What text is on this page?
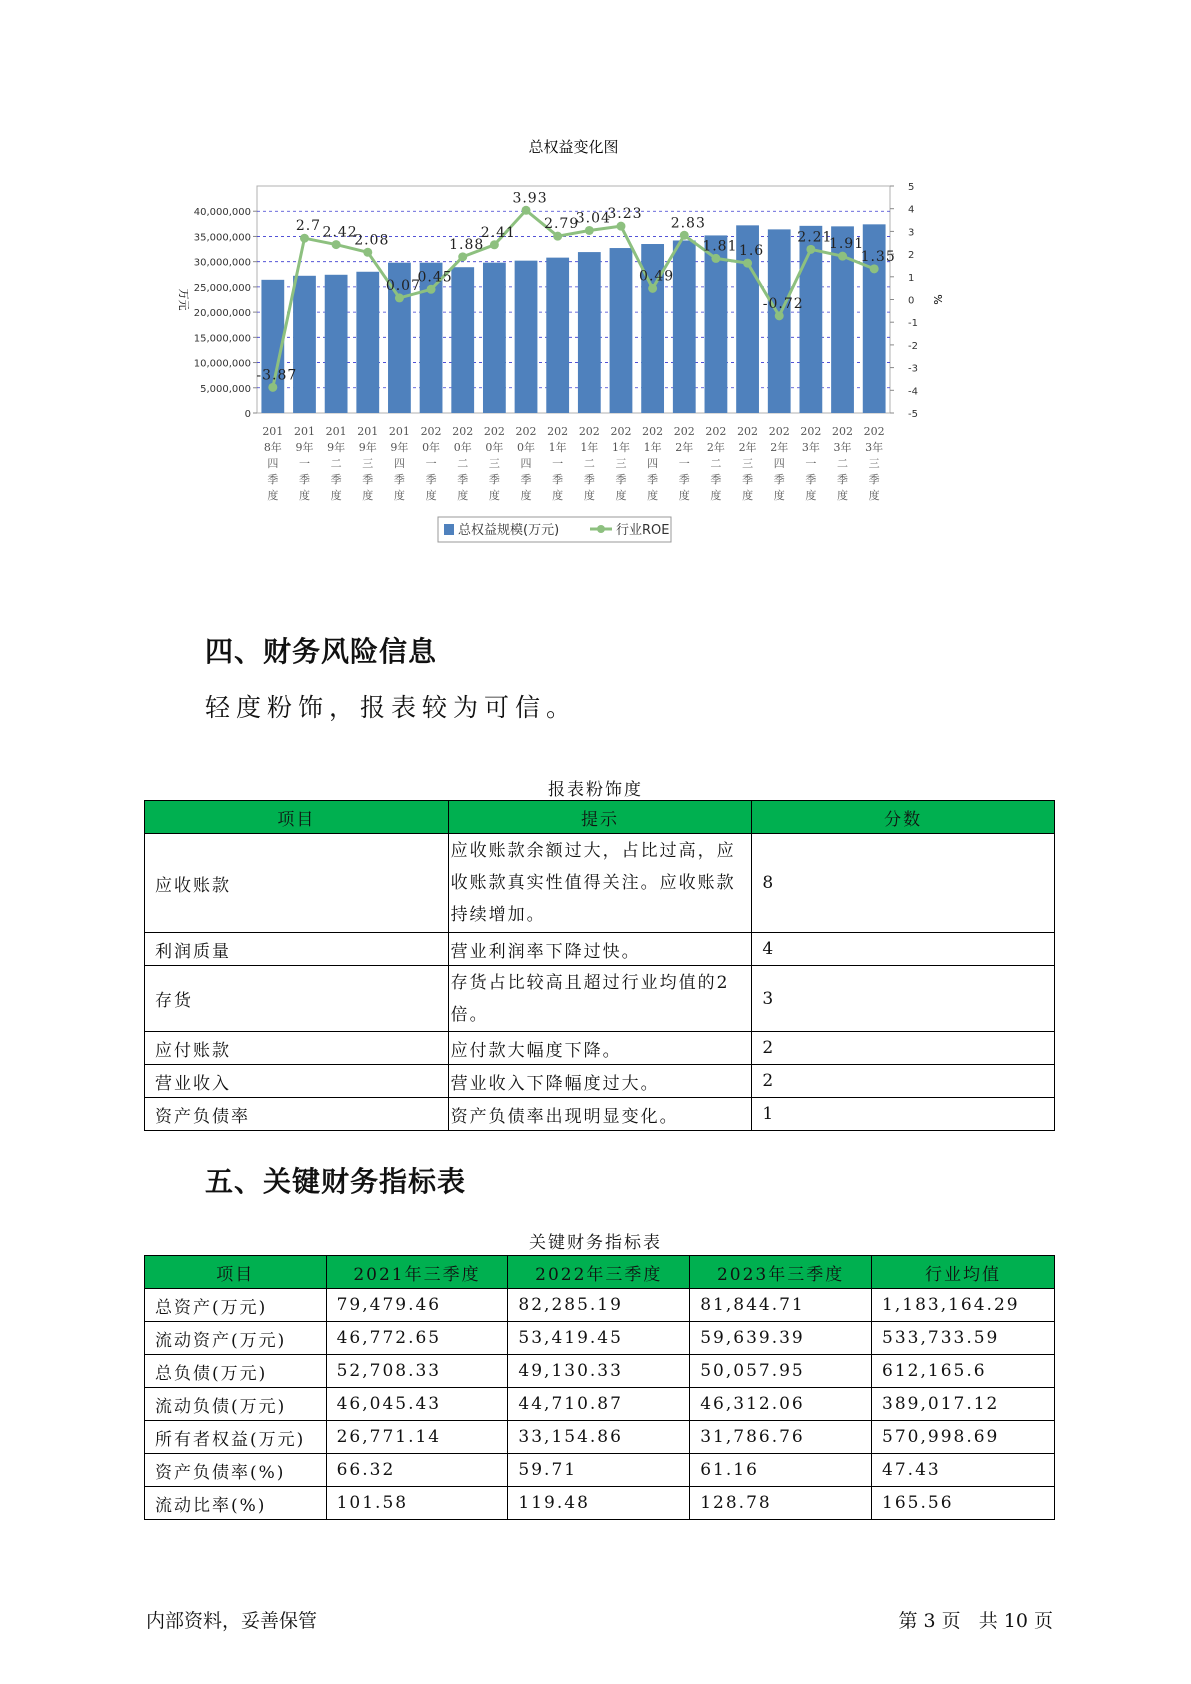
总权益变化图
0
5,000,000
10,000,000
15,000,000
20,000,000
25,000,000
30,000,000
35,000,000
40,000,000
-5
-4
-3
-2
-1
0
1
2
3
4
5
万元	%
201 8年四季度
201 9年一季度
201 9年二季度
201 9年三季度
201 9年四季度
202 0年一季度
202 0年二季度
202 0年三季度
202 0年四季度
202 1年一季度
202 1年二季度
202 1年三季度
202 1年四季度
202 2年一季度
202 2年二季度
202 2年三季度
202 2年四季度
202 3年一季度
202 3年二季度
202 3年三季度
-3.87
2.7 2.42
2.08
0.07
0.45
1.88
2.41
3.93
2.79
3.04
3.23
0.49
2.83
1.81 1.6
-0.72
2.21
1.91
1.35
总权益规模(万元)	行业ROE
四、财务风险信息
轻度粉饰，报表较为可信。
报表粉饰度
项目	提示	分数
应收账款	应收账款余额过大，占比过高，应收账款真实性值得关注。应收账款持续增加。	8
利润质量	营业利润率下降过快。	4
存货	存货占比较高且超过行业均值的2倍。	3
应付账款	应付款大幅度下降。	2
营业收入	营业收入下降幅度过大。	2
资产负债率	资产负债率出现明显变化。	1
五、关键财务指标表
关键财务指标表
项目	2021年三季度	2022年三季度	2023年三季度	行业均值
总资产(万元)	79,479.46	82,285.19	81,844.71	1,183,164.29
流动资产(万元)	46,772.65	53,419.45	59,639.39	533,733.59
总负债(万元)	52,708.33	49,130.33	50,057.95	612,165.6
流动负债(万元)	46,045.43	44,710.87	46,312.06	389,017.12
所有者权益(万元)	26,771.14	33,154.86	31,786.76	570,998.69
资产负债率(%)	66.32	59.71	61.16	47.43
流动比率(%)	101.58	119.48	128.78	165.56
内部资料，妥善保管	第 3 页   共 10 页
